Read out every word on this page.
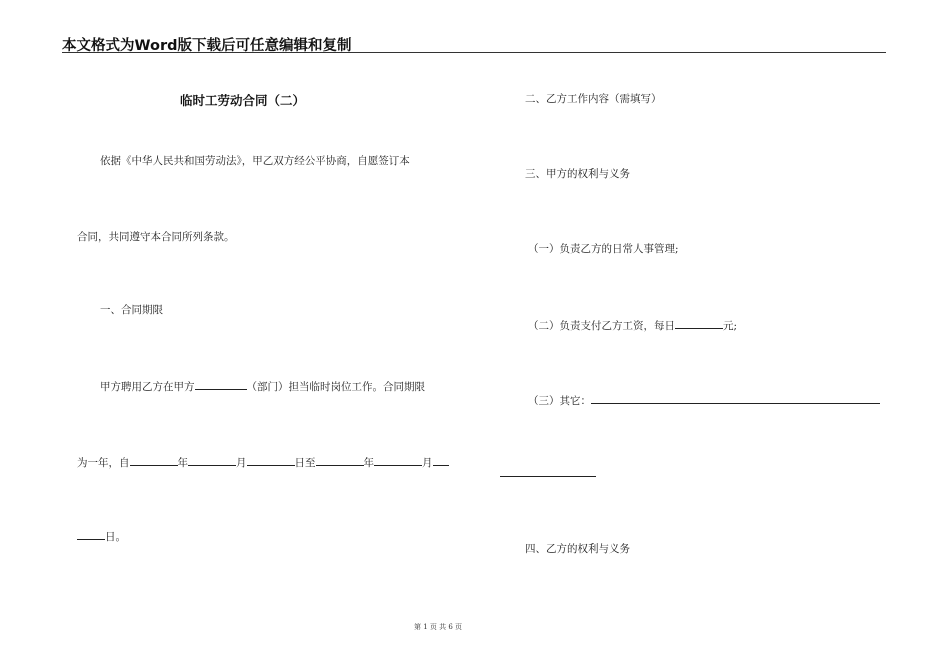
本文格式为Word版下载后可任意编辑和复制
临时工劳动合同（二）
依据《中华人民共和国劳动法》，甲乙双方经公平协商，自愿签订本
合同，共同遵守本合同所列条款。
一、合同期限
甲方聘用乙方在甲方	（部门）担当临时岗位工作。合同期限
为一年，自	年	月	日至	年	月
日。
二、乙方工作内容（需填写）
三、甲方的权利与义务
（一）负责乙方的日常人事管理;
（二）负责支付乙方工资，每日	元;
（三）其它：
四、乙方的权利与义务
第 1 页 共 6 页
